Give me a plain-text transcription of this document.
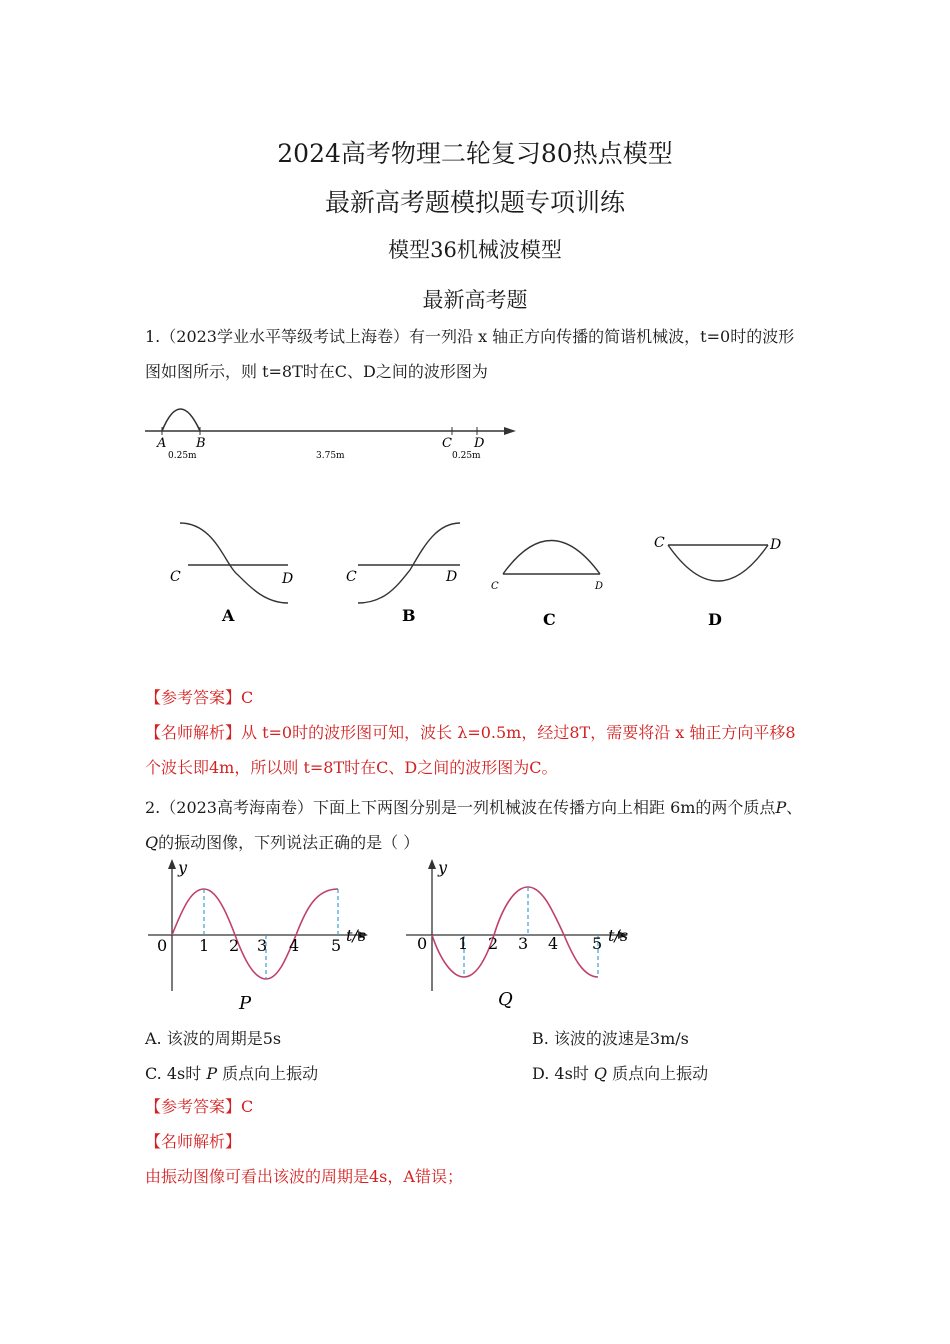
2024高考物理二轮复习80热点模型
最新高考题模拟题专项训练
模型36机械波模型
最新高考题
1.（2023学业水平等级考试上海卷）有一列沿 x 轴正方向传播的简谐机械波，t=0时的波形图如图所示，则 t=8T时在C、D之间的波形图为
A B	C D
0.25m	3.75m	0.25m
C	D
A
C	D
B
C	D
C
C	D
D
【参考答案】C
【名师解析】从 t=0时的波形图可知，波长 λ=0.5m，经过8T，需要将沿 x 轴正方向平移8个波长即4m，所以则 t=8T时在C、D之间的波形图为C。
2.（2023高考海南卷）下面上下两图分别是一列机械波在传播方向上相距 6m的两个质点P、Q的振动图像，下列说法正确的是（ ）
y
t/s
0 1 2 3 4 5
P
y
t/s
0 1 2 3 4 5
Q
A. 该波的周期是5s	B. 该波的波速是3m/s
C. 4s时 P 质点向上振动	D. 4s时 Q 质点向上振动
【参考答案】C
【名师解析】
由振动图像可看出该波的周期是4s，A错误；
